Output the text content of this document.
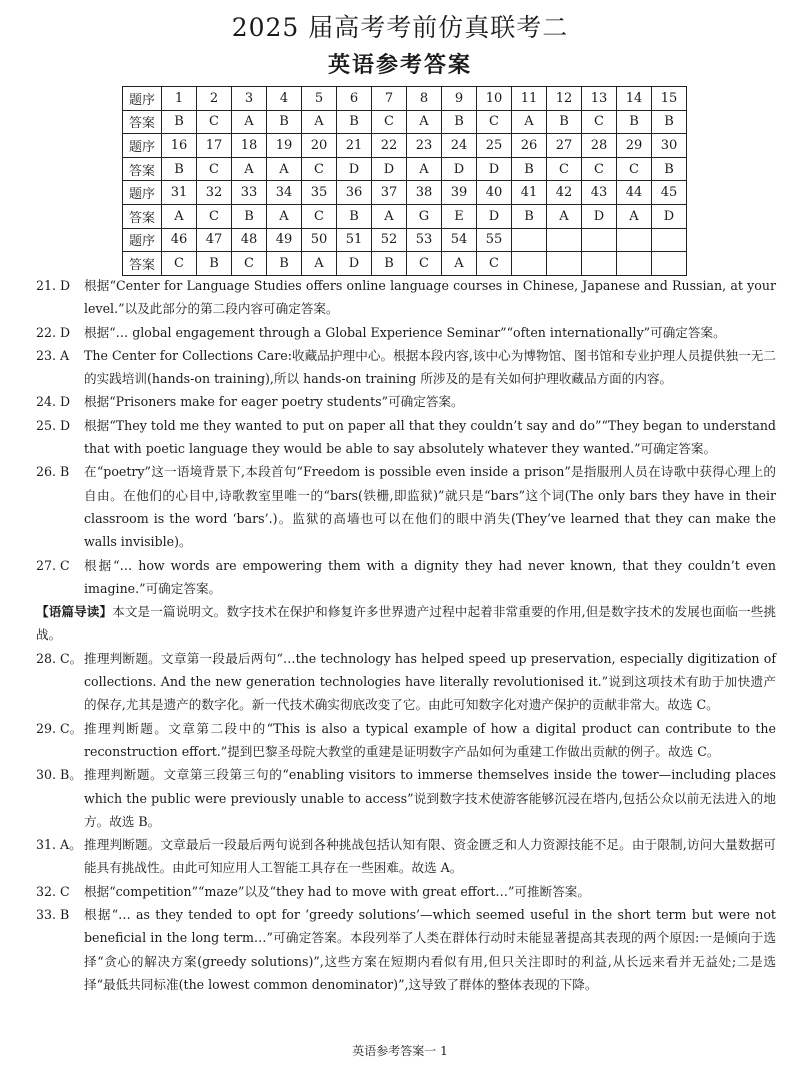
2025 届高考考前仿真联考二
英语参考答案
题序	1	2	3	4	5	6	7	8	9	10	11	12	13	14	15
答案	B	C	A	B	A	B	C	A	B	C	A	B	C	B	B
题序	16	17	18	19	20	21	22	23	24	25	26	27	28	29	30
答案	B	C	A	A	C	D	D	A	D	D	B	C	C	C	B
题序	31	32	33	34	35	36	37	38	39	40	41	42	43	44	45
答案	A	C	B	A	C	B	A	G	E	D	B	A	D	A	D
题序	46	47	48	49	50	51	52	53	54	55					
答案	C	B	C	B	A	D	B	C	A	C					
21. D	根据“Center for Language Studies offers online language courses in Chinese, Japanese and Russian, at your level.”以及此部分的第二段内容可确定答案。
22. D	根据“… global engagement through a Global Experience Seminar”“often internationally”可确定答案。
23. A	The Center for Collections Care:收藏品护理中心。根据本段内容,该中心为博物馆、图书馆和专业护理人员提供独一无二的实践培训(hands-on training),所以 hands-on training 所涉及的是有关如何护理收藏品方面的内容。
24. D	根据“Prisoners make for eager poetry students”可确定答案。
25. D	根据“They told me they wanted to put on paper all that they couldn’t say and do”“They began to understand that with poetic language they would be able to say absolutely whatever they wanted.”可确定答案。
26. B	在“poetry”这一语境背景下,本段首句“Freedom is possible even inside a prison”是指服刑人员在诗歌中获得心理上的自由。在他们的心目中,诗歌教室里唯一的“bars(铁栅,即监狱)”就只是“bars”这个词(The only bars they have in their classroom is the word ‘bars’.)。监狱的高墙也可以在他们的眼中消失(They’ve learned that they can make the walls invisible)。
27. C	根据“… how words are empowering them with a dignity they had never known, that they couldn’t even imagine.”可确定答案。
【语篇导读】本文是一篇说明文。数字技术在保护和修复许多世界遗产过程中起着非常重要的作用,但是数字技术的发展也面临一些挑战。
28. C。 推理判断题。文章第一段最后两句“…the technology has helped speed up preservation, especially digitization of collections. And the new generation technologies have literally revolutionised it.”说到这项技术有助于加快遗产的保存,尤其是遗产的数字化。新一代技术确实彻底改变了它。由此可知数字化对遗产保护的贡献非常大。故选 C。
29. C。 推理判断题。文章第二段中的“This is also a typical example of how a digital product can contribute to the reconstruction effort.”提到巴黎圣母院大教堂的重建是证明数字产品如何为重建工作做出贡献的例子。故选 C。
30. B。 推理判断题。文章第三段第三句的“enabling visitors to immerse themselves inside the tower—including places which the public were previously unable to access”说到数字技术使游客能够沉浸在塔内,包括公众以前无法进入的地方。故选 B。
31. A。 推理判断题。文章最后一段最后两句说到各种挑战包括认知有限、资金匮乏和人力资源技能不足。由于限制,访问大量数据可能具有挑战性。由此可知应用人工智能工具存在一些困难。故选 A。
32. C	根据“competition”“maze”以及“they had to move with great effort…”可推断答案。
33. B	根据“… as they tended to opt for ‘greedy solutions’—which seemed useful in the short term but were not beneficial in the long term…”可确定答案。本段列举了人类在群体行动时未能显著提高其表现的两个原因:一是倾向于选择“贪心的解决方案(greedy solutions)”,这些方案在短期内看似有用,但只关注即时的利益,从长远来看并无益处;二是选择“最低共同标准(the lowest common denominator)”,这导致了群体的整体表现的下降。
英语参考答案一 1
